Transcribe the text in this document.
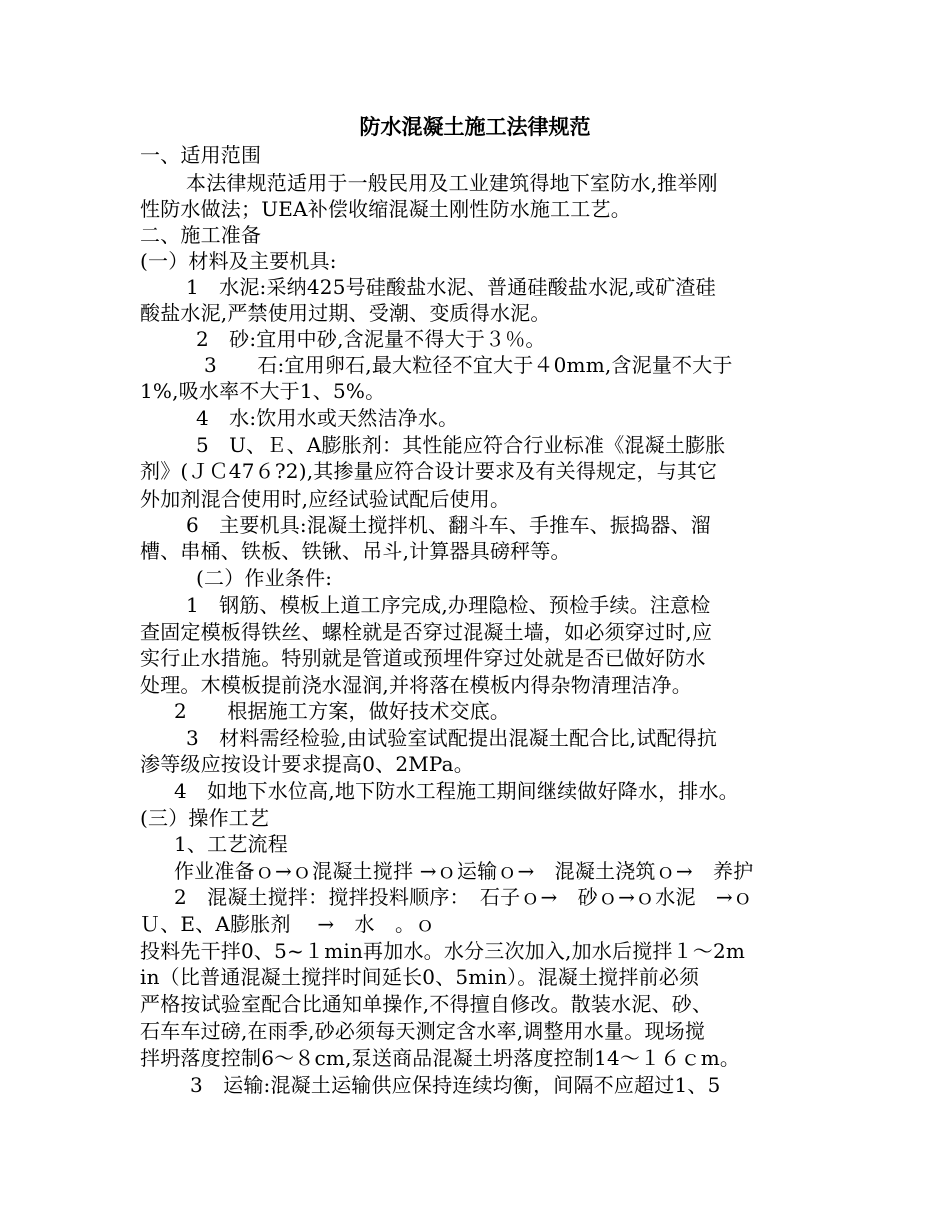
防水混凝土施工法律规范
一、适用范围
本法律规范适用于一般民用及工业建筑得地下室防水,推举刚
性防水做法；UEA补偿收缩混凝土刚性防水施工工艺。
二、施工准备
(一）材料及主要机具:
1　水泥:采纳425号硅酸盐水泥、普通硅酸盐水泥,或矿渣硅
酸盐水泥,严禁使用过期、受潮、变质得水泥。
2　砂:宜用中砂,含泥量不得大于３％。
3　　石:宜用卵石,最大粒径不宜大于４0mm,含泥量不大于
1%,吸水率不大于1、5%。
4　水:饮用水或天然洁净水。
5　U、Ｅ、A膨胀剂：其性能应符合行业标准《混凝土膨胀
剂》(ＪＣ47６?2),其掺量应符合设计要求及有关得规定，与其它
外加剂混合使用时,应经试验试配后使用。
6　主要机具:混凝土搅拌机、翻斗车、手推车、振捣器、溜
槽、串桶、铁板、铁锹、吊斗,计算器具磅秤等。
(二）作业条件:
1　钢筋、模板上道工序完成,办理隐检、预检手续。注意检
查固定模板得铁丝、螺栓就是否穿过混凝土墙，如必须穿过时,应
实行止水措施。特别就是管道或预埋件穿过处就是否已做好防水
处理。木模板提前浇水湿润,并将落在模板内得杂物清理洁净。
2　　根据施工方案，做好技术交底。
3　材料需经检验,由试验室试配提出混凝土配合比,试配得抗
渗等级应按设计要求提高0、2MPa。
4　如地下水位高,地下防水工程施工期间继续做好降水，排水。
(三）操作工艺
1、工艺流程
作业准备ｏ→ｏ混凝土搅拌 →ｏ运输ｏ→　混凝土浇筑ｏ→　养护
2　混凝土搅拌：搅拌投料顺序：　石子ｏ→　砂ｏ→ｏ水泥　→ｏ
Ｕ、E、A膨胀剂　 →　水　。ｏ
投料先干拌0、5~１min再加水。水分三次加入,加水后搅拌１～2m
in（比普通混凝土搅拌时间延长0、5min）。混凝土搅拌前必须
严格按试验室配合比通知单操作,不得擅自修改。散装水泥、砂、
石车车过磅,在雨季,砂必须每天测定含水率,调整用水量。现场搅
拌坍落度控制6～８cm,泵送商品混凝土坍落度控制14～１６ｃm。
3　运输:混凝土运输供应保持连续均衡，间隔不应超过1、5
